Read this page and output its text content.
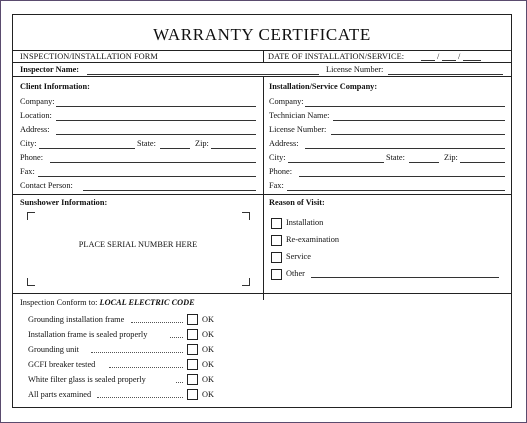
WARRANTY CERTIFICATE
INSPECTION/INSTALLATION FORM	DATE OF INSTALLATION/SERVICE:	/ /
Inspector Name:	License Number:
Client Information:
Company:
Location:
Address:
City:	State:	Zip:
Phone:
Fax:
Contact Person:
Installation/Service Company:
Company:
Technician Name:
License Number:
Address:
City:	State:	Zip:
Phone:
Fax:
Sunshower Information:
PLACE SERIAL NUMBER HERE
Reason of Visit:
Installation
Re-examination
Service
Other
Inspection Conform to: LOCAL ELECTRIC CODE
Grounding installation frame	OK
Installation frame is sealed properly	OK
Grounding unit	OK
GCFI breaker tested	OK
White filter glass is sealed properly	OK
All parts examined	OK
